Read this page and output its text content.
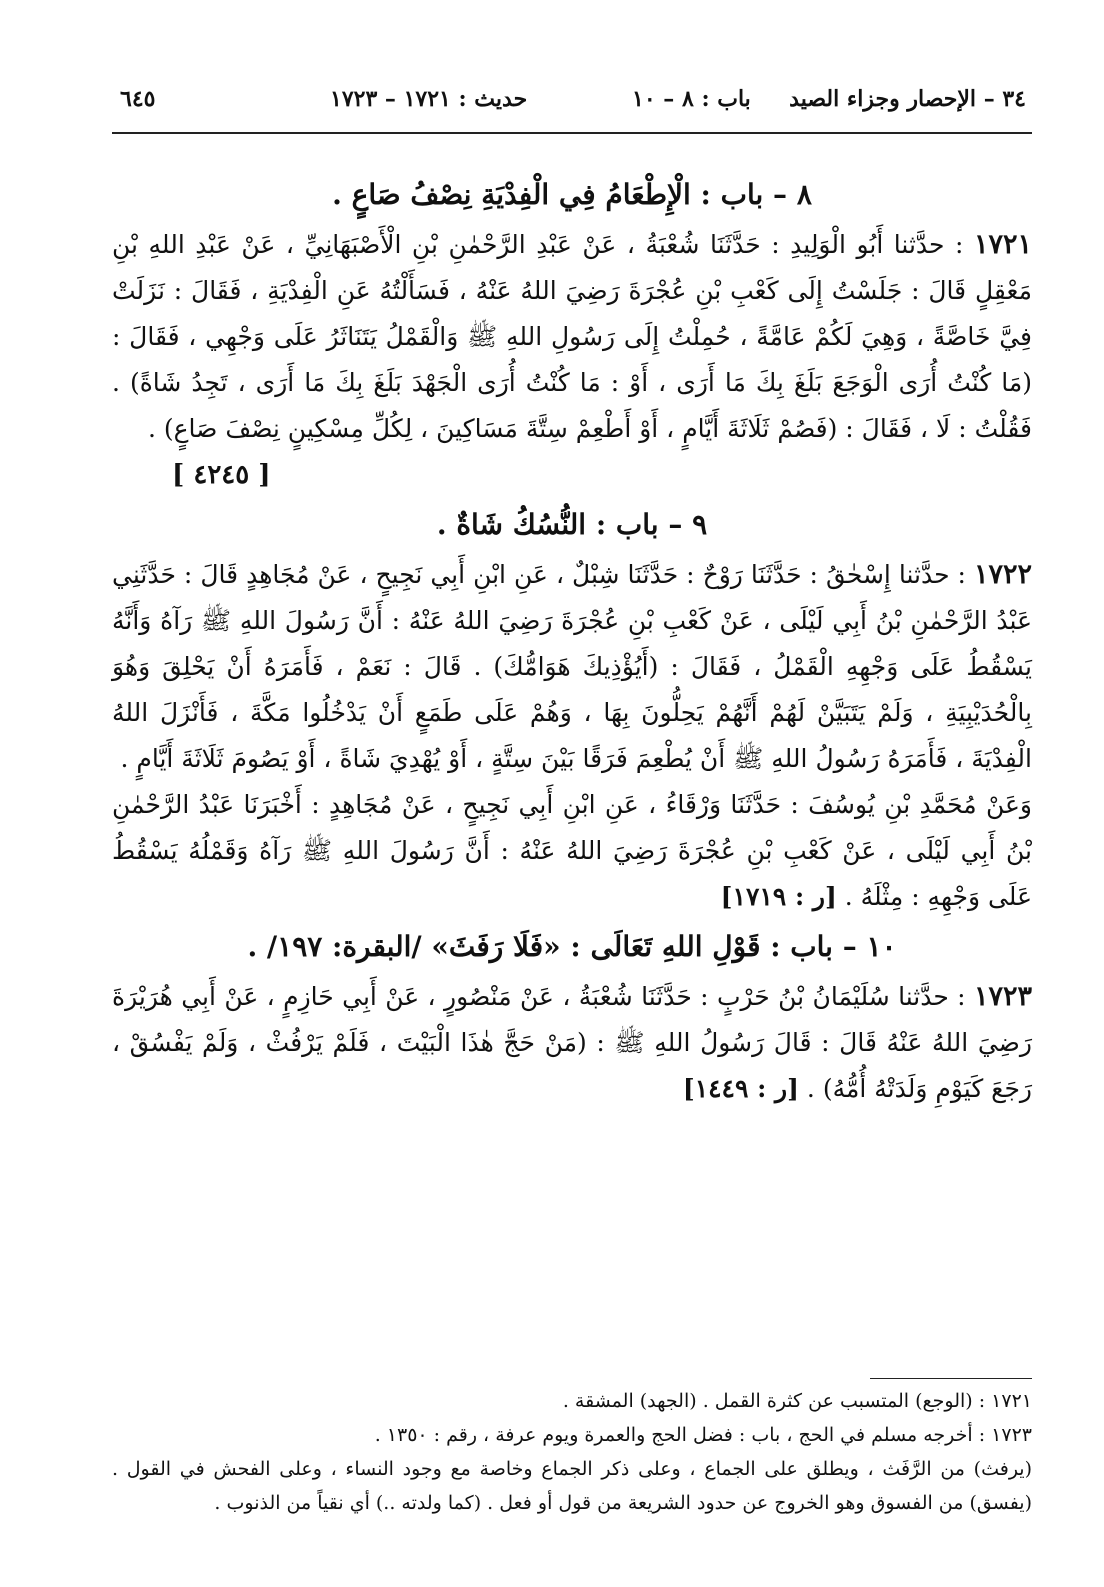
٦٤٥	حديث : ١٧٢١ – ١٧٢٣	باب : ٨ – ١٠ ٣٤ – الإحصار وجزاء الصيد

٨ – باب : الْإِطْعَامُ فِي الْفِدْيَةِ نِصْفُ صَاعٍ .

١٧٢١ : حدَّثنا أَبُو الْوَلِيدِ : حَدَّثَنَا شُعْبَةُ ، عَنْ عَبْدِ الرَّحْمٰنِ بْنِ الْأَصْبَهَانِيِّ ، عَنْ عَبْدِ اللهِ بْنِ مَعْقِلٍ قَالَ : جَلَسْتُ إِلَى كَعْبِ بْنِ عُجْرَةَ رَضِيَ اللهُ عَنْهُ ، فَسَأَلْتُهُ عَنِ الْفِدْيَةِ ، فَقَالَ : نَزَلَتْ فِيَّ خَاصَّةً ، وَهِيَ لَكُمْ عَامَّةً ، حُمِلْتُ إِلَى رَسُولِ اللهِ ﷺ وَالْقَمْلُ يَتَنَاثَرُ عَلَى وَجْهِي ، فَقَالَ : (مَا كُنْتُ أُرَى الْوَجَعَ بَلَغَ بِكَ مَا أَرَى ، أَوْ : مَا كُنْتُ أُرَى الْجَهْدَ بَلَغَ بِكَ مَا أَرَى ، تَجِدُ شَاةً) . فَقُلْتُ : لَا ، فَقَالَ : (فَصُمْ ثَلَاثَةَ أَيَّامٍ ، أَوْ أَطْعِمْ سِتَّةَ مَسَاكِينَ ، لِكُلِّ مِسْكِينٍ نِصْفَ صَاعٍ) .

[ ٤٢٤٥ ]

٩ – باب : النُّسُكُ شَاةٌ .

١٧٢٢ : حدَّثنا إِسْحٰقُ : حَدَّثَنَا رَوْحٌ : حَدَّثَنَا شِبْلٌ ، عَنِ ابْنِ أَبِي نَجِيحٍ ، عَنْ مُجَاهِدٍ قَالَ : حَدَّثَنِي عَبْدُ الرَّحْمٰنِ بْنُ أَبِي لَيْلَى ، عَنْ كَعْبِ بْنِ عُجْرَةَ رَضِيَ اللهُ عَنْهُ : أَنَّ رَسُولَ اللهِ ﷺ رَآهُ وَأَنَّهُ يَسْقُطُ عَلَى وَجْهِهِ الْقَمْلُ ، فَقَالَ : (أَيُؤْذِيكَ هَوَامُّكَ) . قَالَ : نَعَمْ ، فَأَمَرَهُ أَنْ يَحْلِقَ وَهُوَ بِالْحُدَيْبِيَةِ ، وَلَمْ يَتَبَيَّنْ لَهُمْ أَنَّهُمْ يَحِلُّونَ بِهَا ، وَهُمْ عَلَى طَمَعٍ أَنْ يَدْخُلُوا مَكَّةَ ، فَأَنْزَلَ اللهُ الْفِدْيَةَ ، فَأَمَرَهُ رَسُولُ اللهِ ﷺ أَنْ يُطْعِمَ فَرَقًا بَيْنَ سِتَّةٍ ، أَوْ يُهْدِيَ شَاةً ، أَوْ يَصُومَ ثَلَاثَةَ أَيَّامٍ .

وَعَنْ مُحَمَّدِ بْنِ يُوسُفَ : حَدَّثَنَا وَرْقَاءُ ، عَنِ ابْنِ أَبِي نَجِيحٍ ، عَنْ مُجَاهِدٍ : أَخْبَرَنَا عَبْدُ الرَّحْمٰنِ بْنُ أَبِي لَيْلَى ، عَنْ كَعْبِ بْنِ عُجْرَةَ رَضِيَ اللهُ عَنْهُ : أَنَّ رَسُولَ اللهِ ﷺ رَآهُ وَقَمْلُهُ يَسْقُطُ عَلَى وَجْهِهِ : مِثْلَهُ . [ر : ١٧١٩]

١٠ – باب : قَوْلِ اللهِ تَعَالَى : «فَلَا رَفَثَ» /البقرة: ١٩٧/ .

١٧٢٣ : حدَّثنا سُلَيْمَانُ بْنُ حَرْبٍ : حَدَّثَنَا شُعْبَةُ ، عَنْ مَنْصُورٍ ، عَنْ أَبِي حَازِمٍ ، عَنْ أَبِي هُرَيْرَةَ رَضِيَ اللهُ عَنْهُ قَالَ : قَالَ رَسُولُ اللهِ ﷺ : (مَنْ حَجَّ هٰذَا الْبَيْتَ ، فَلَمْ يَرْفُثْ ، وَلَمْ يَفْسُقْ ، رَجَعَ كَيَوْمِ وَلَدَتْهُ أُمُّهُ) . [ر : ١٤٤٩]

١٧٢١ : (الوجع) المتسبب عن كثرة القمل . (الجهد) المشقة .

١٧٢٣ : أخرجه مسلم في الحج ، باب : فضل الحج والعمرة ويوم عرفة ، رقم : ١٣٥٠ .

(يرفث) من الرَّفَث ، ويطلق على الجماع ، وعلى ذكر الجماع وخاصة مع وجود النساء ، وعلى الفحش في القول . (يفسق) من الفسوق وهو الخروج عن حدود الشريعة من قول أو فعل . (كما ولدته ..) أي نقياً من الذنوب .
